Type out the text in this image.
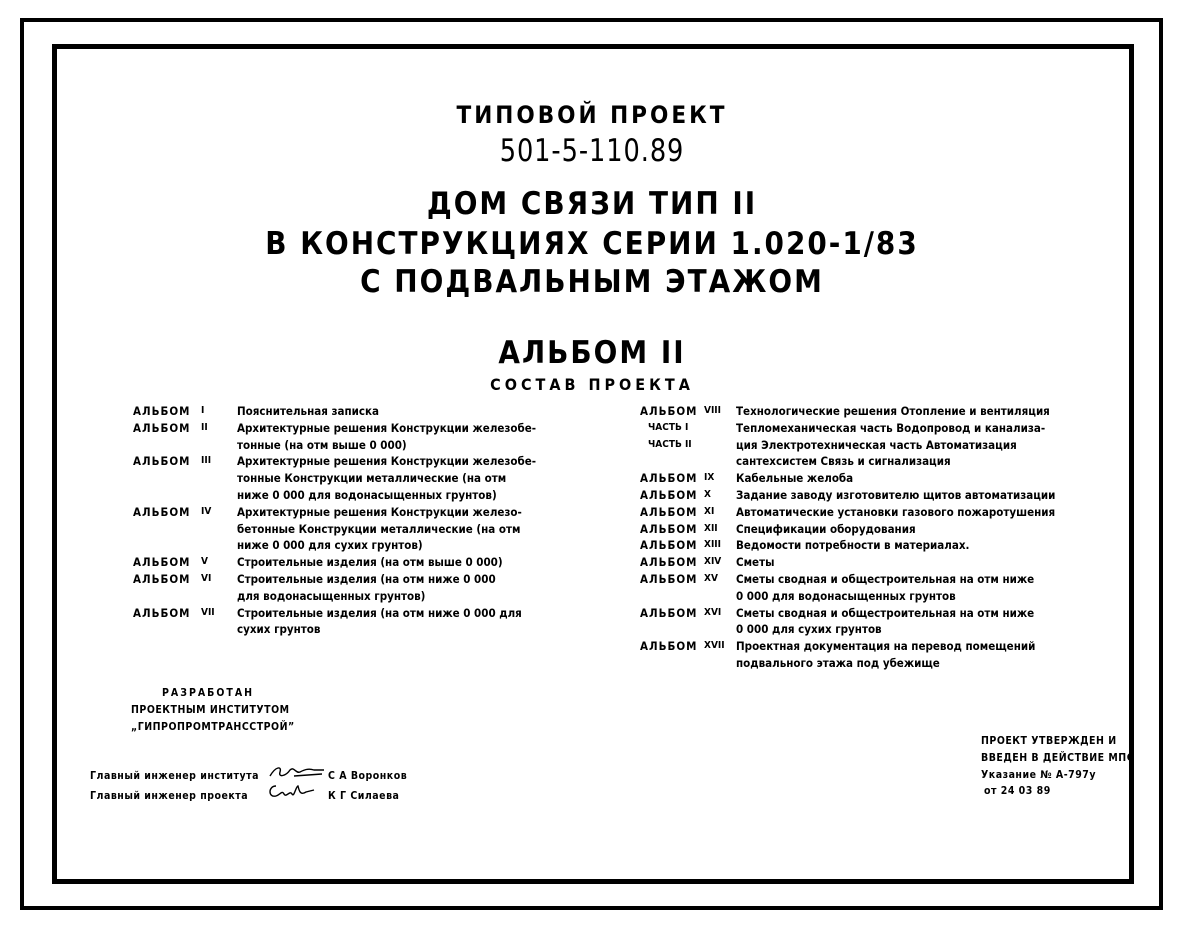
ТИПОВОЙ ПРОЕКТ
501-5-110.89
ДОМ СВЯЗИ ТИП II
В КОНСТРУКЦИЯХ СЕРИИ 1.020-1/83
С ПОДВАЛЬНЫМ ЭТАЖОМ
АЛЬБОМ II
СОСТАВ ПРОЕКТА
АЛЬБОМ I	Пояснительная записка
АЛЬБОМ II	Архитектурные решения Конструкции железобе-
тонные (на отм выше 0 000)
АЛЬБОМ III Архитектурные решения Конструкции железобе-
тонные Конструкции металлические (на отм
ниже 0 000 для водонасыщенных грунтов)
АЛЬБОМ IV Архитектурные решения Конструкции железо-
бетонные Конструкции металлические (на отм
ниже 0 000 для сухих грунтов)
АЛЬБОМ V	Строительные изделия (на отм выше 0 000)
АЛЬБОМ VI Строительные изделия (на отм ниже 0 000
для водонасыщенных грунтов)
АЛЬБОМ VII Строительные изделия (на отм ниже 0 000 для
сухих грунтов
АЛЬБОМ VIII Технологические решения Отопление и вентиляция
ЧАСТЬ I	Тепломеханическая часть Водопровод и канализа-
ЧАСТЬ II	ция Электротехническая часть Автоматизация
сантехсистем Связь и сигнализация
АЛЬБОМ IX Кабельные желоба
АЛЬБОМ X Задание заводу изготовителю щитов автоматизации
АЛЬБОМ XI Автоматические установки газового пожаротушения
АЛЬБОМ XII Спецификации оборудования
АЛЬБОМ XIII Ведомости потребности в материалах.
АЛЬБОМ XIV Сметы
АЛЬБОМ XV Сметы сводная и общестроительная на отм ниже
0 000 для водонасыщенных грунтов
АЛЬБОМ XVI Сметы сводная и общестроительная на отм ниже
0 000 для сухих грунтов
АЛЬБОМ XVII Проектная документация на перевод помещений
подвального этажа под убежище
РАЗРАБОТАН
ПРОЕКТНЫМ ИНСТИТУТОМ
„ГИПРОПРОМТРАНССТРОЙ”
Главный инженер института	С А Воронков
Главный инженер проекта	К Г Силаева
ПРОЕКТ УТВЕРЖДЕН И
ВВЕДЕН В ДЕЙСТВИЕ МПС
Указание № А-797у
от 24 03 89
